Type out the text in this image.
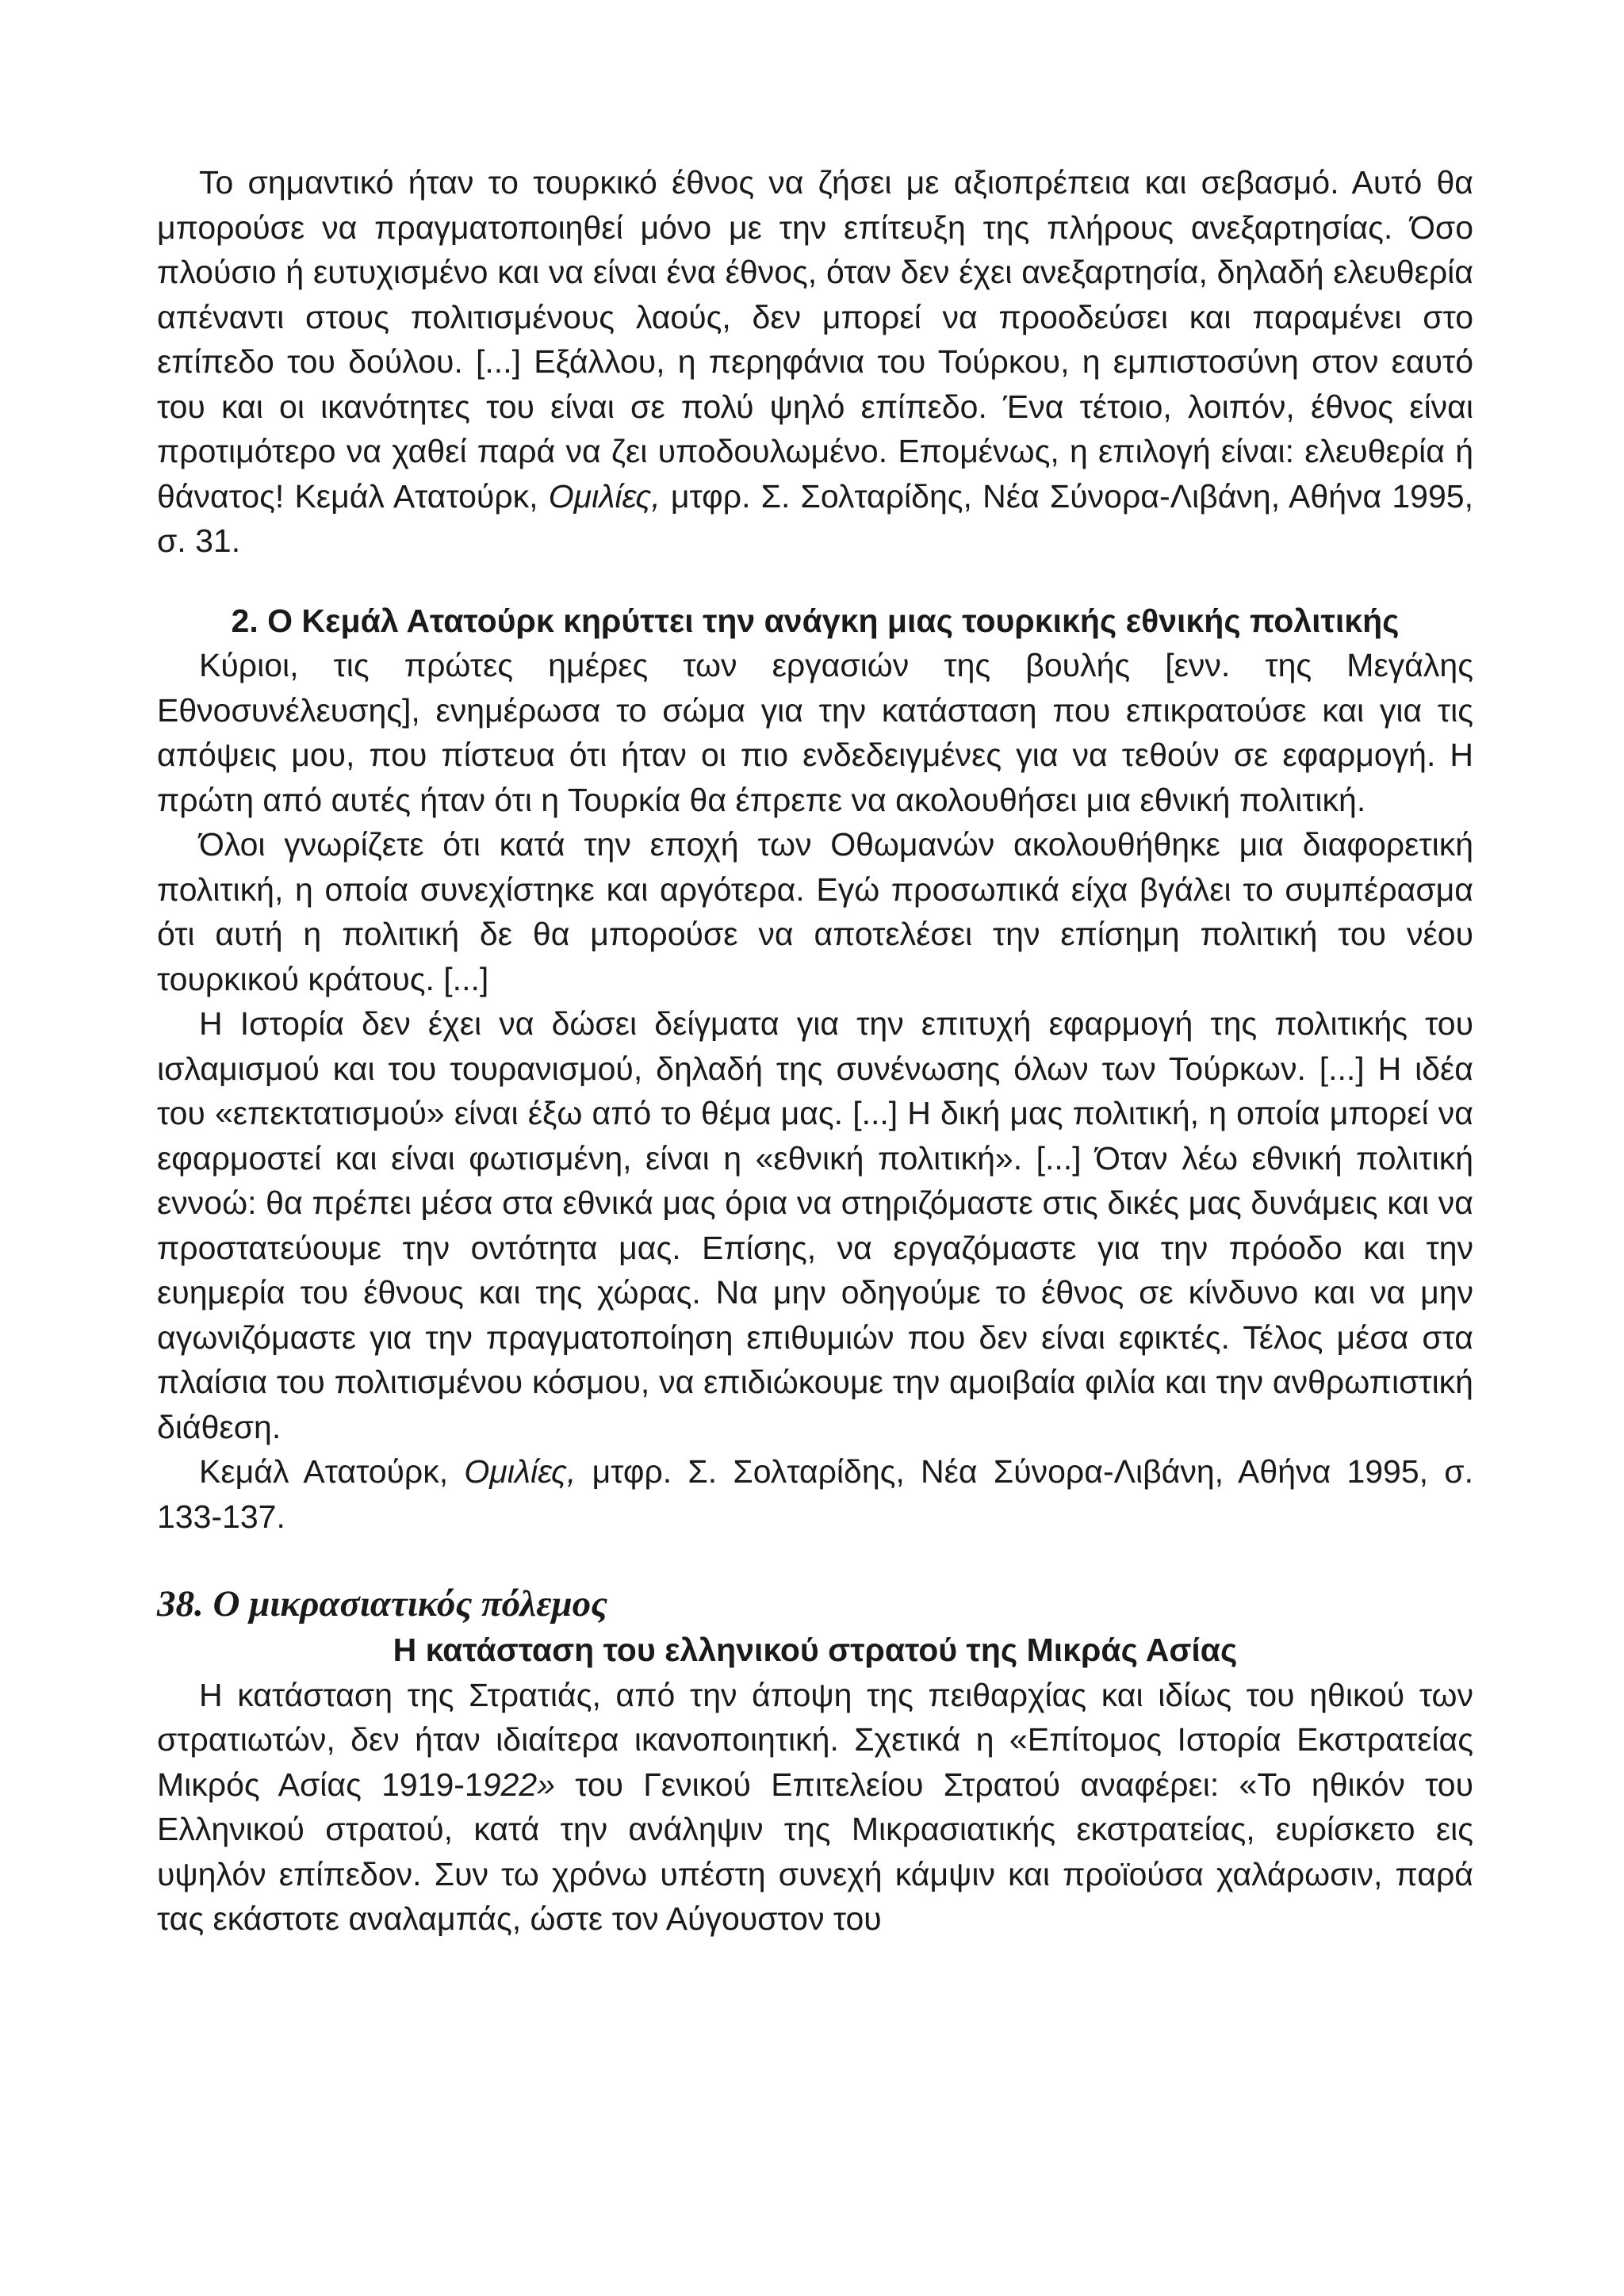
Το σημαντικό ήταν το τουρκικό έθνος να ζήσει με αξιοπρέπεια και σεβασμό. Αυτό θα μπορούσε να πραγματοποιηθεί μόνο με την επίτευξη της πλήρους ανεξαρτησίας. Όσο πλούσιο ή ευτυχισμένο και να είναι ένα έθνος, όταν δεν έχει ανεξαρτησία, δηλαδή ελευθερία απέναντι στους πολιτισμένους λαούς, δεν μπορεί να προοδεύσει και παραμένει στο επίπεδο του δούλου. [...] Εξάλλου, η περηφάνια του Τούρκου, η εμπιστοσύνη στον εαυτό του και οι ικανότητες του είναι σε πολύ ψηλό επίπεδο. Ένα τέτοιο, λοιπόν, έθνος είναι προτιμότερο να χαθεί παρά να ζει υποδουλωμένο. Επομένως, η επιλογή είναι: ελευθερία ή θάνατος! Κεμάλ Ατατούρκ, Ομιλίες, μτφρ. Σ. Σολταρίδης, Νέα Σύνορα-Λιβάνη, Αθήνα 1995, σ. 31.

2. Ο Κεμάλ Ατατούρκ κηρύττει την ανάγκη μιας τουρκικής εθνικής πολιτικής

Κύριοι, τις πρώτες ημέρες των εργασιών της βουλής [ενν. της Μεγάλης Εθνοσυνέλευσης], ενημέρωσα το σώμα για την κατάσταση που επικρατούσε και για τις απόψεις μου, που πίστευα ότι ήταν οι πιο ενδεδειγμένες για να τεθούν σε εφαρμογή. Η πρώτη από αυτές ήταν ότι η Τουρκία θα έπρεπε να ακολουθήσει μια εθνική πολιτική.

Όλοι γνωρίζετε ότι κατά την εποχή των Οθωμανών ακολουθήθηκε μια διαφορετική πολιτική, η οποία συνεχίστηκε και αργότερα. Εγώ προσωπικά είχα βγάλει το συμπέρασμα ότι αυτή η πολιτική δε θα μπορούσε να αποτελέσει την επίσημη πολιτική του νέου τουρκικού κράτους. [...]

Η Ιστορία δεν έχει να δώσει δείγματα για την επιτυχή εφαρμογή της πολιτικής του ισλαμισμού και του τουρανισμού, δηλαδή της συνένωσης όλων των Τούρκων. [...] Η ιδέα του «επεκτατισμού» είναι έξω από το θέμα μας. [...] Η δική μας πολιτική, η οποία μπορεί να εφαρμοστεί και είναι φωτισμένη, είναι η «εθνική πολιτική». [...] Όταν λέω εθνική πολιτική εννοώ: θα πρέπει μέσα στα εθνικά μας όρια να στηριζόμαστε στις δικές μας δυνάμεις και να προστατεύουμε την οντότητα μας. Επίσης, να εργαζόμαστε για την πρόοδο και την ευημερία του έθνους και της χώρας. Να μην οδηγούμε το έθνος σε κίνδυνο και να μην αγωνιζόμαστε για την πραγματοποίηση επιθυμιών που δεν είναι εφικτές. Τέλος μέσα στα πλαίσια του πολιτισμένου κόσμου, να επιδιώκουμε την αμοιβαία φιλία και την ανθρωπιστική διάθεση.

Κεμάλ Ατατούρκ, Ομιλίες, μτφρ. Σ. Σολταρίδης, Νέα Σύνορα-Λιβάνη, Αθήνα 1995, σ. 133-137.

38. Ο μικρασιατικός πόλεμος

Η κατάσταση του ελληνικού στρατού της Μικράς Ασίας

Η κατάσταση της Στρατιάς, από την άποψη της πειθαρχίας και ιδίως του ηθικού των στρατιωτών, δεν ήταν ιδιαίτερα ικανοποιητική. Σχετικά η «Επίτομος Ιστορία Εκστρατείας Μικρός Ασίας 1919-1922» του Γενικού Επιτελείου Στρατού αναφέρει: «Το ηθικόν του Ελληνικού στρατού, κατά την ανάληψιν της Μικρασιατικής εκστρατείας, ευρίσκετο εις υψηλόν επίπεδον. Συν τω χρόνω υπέστη συνεχή κάμψιν και προϊούσα χαλάρωσιν, παρά τας εκάστοτε αναλαμπάς, ώστε τον Αύγουστον του
